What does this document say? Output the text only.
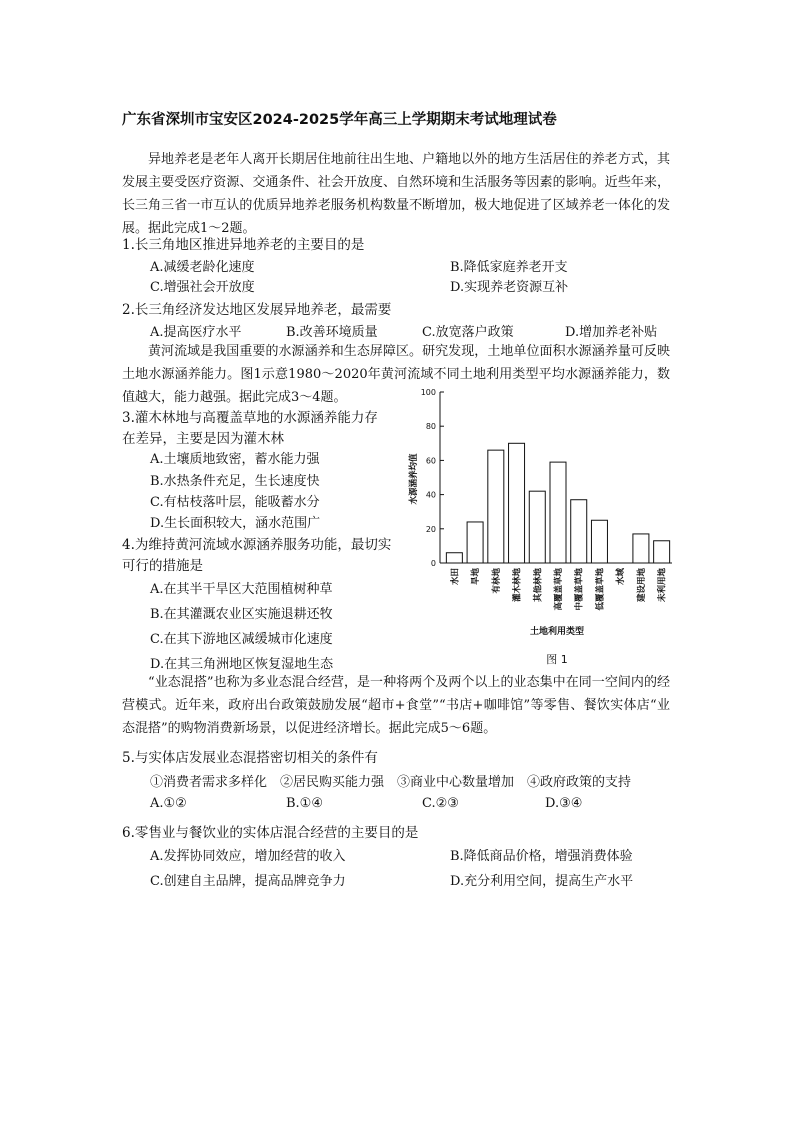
广东省深圳市宝安区2024-2025学年高三上学期期末考试地理试卷
异地养老是老年人离开长期居住地前往出生地、户籍地以外的地方生活居住的养老方式，其发展主要受医疗资源、交通条件、社会开放度、自然环境和生活服务等因素的影响。近些年来，长三角三省一市互认的优质异地养老服务机构数量不断增加，极大地促进了区域养老一体化的发展。据此完成1～2题。
1.长三角地区推进异地养老的主要目的是
A.减缓老龄化速度	B.降低家庭养老开支
C.增强社会开放度	D.实现养老资源互补
2.长三角经济发达地区发展异地养老，最需要
A.提高医疗水平	B.改善环境质量	C.放宽落户政策	D.增加养老补贴
黄河流域是我国重要的水源涵养和生态屏障区。研究发现，土地单位面积水源涵养量可反映土地水源涵养能力。图1示意1980～2020年黄河流域不同土地利用类型平均水源涵养能力，数值越大，能力越强。据此完成3～4题。
3.灌木林地与高覆盖草地的水源涵养能力存
在差异，主要是因为灌木林
A.土壤质地致密，蓄水能力强
B.水热条件充足，生长速度快
C.有枯枝落叶层，能吸蓄水分
D.生长面积较大，涵水范围广
4.为维持黄河流域水源涵养服务功能，最切实
可行的措施是
A.在其半干旱区大范围植树种草
B.在其灌溉农业区实施退耕还牧
C.在其下游地区减缓城市化速度
D.在其三角洲地区恢复湿地生态
0
20
40
60
80
100
水田 旱地 有林地 灌木林地 其他林地 高覆盖草地 中覆盖草地 低覆盖草地 水域 建设用地 未利用地
水源涵养均值
土地利用类型
图 1
“业态混搭”也称为多业态混合经营，是一种将两个及两个以上的业态集中在同一空间内的经营模式。近年来，政府出台政策鼓励发展“超市+食堂”“书店+咖啡馆”等零售、餐饮实体店“业态混搭”的购物消费新场景，以促进经济增长。据此完成5～6题。
5.与实体店发展业态混搭密切相关的条件有
①消费者需求多样化　②居民购买能力强　③商业中心数量增加　④政府政策的支持
A.①②	B.①④	C.②③	D.③④
6.零售业与餐饮业的实体店混合经营的主要目的是
A.发挥协同效应，增加经营的收入	B.降低商品价格，增强消费体验
C.创建自主品牌，提高品牌竞争力	D.充分利用空间，提高生产水平
